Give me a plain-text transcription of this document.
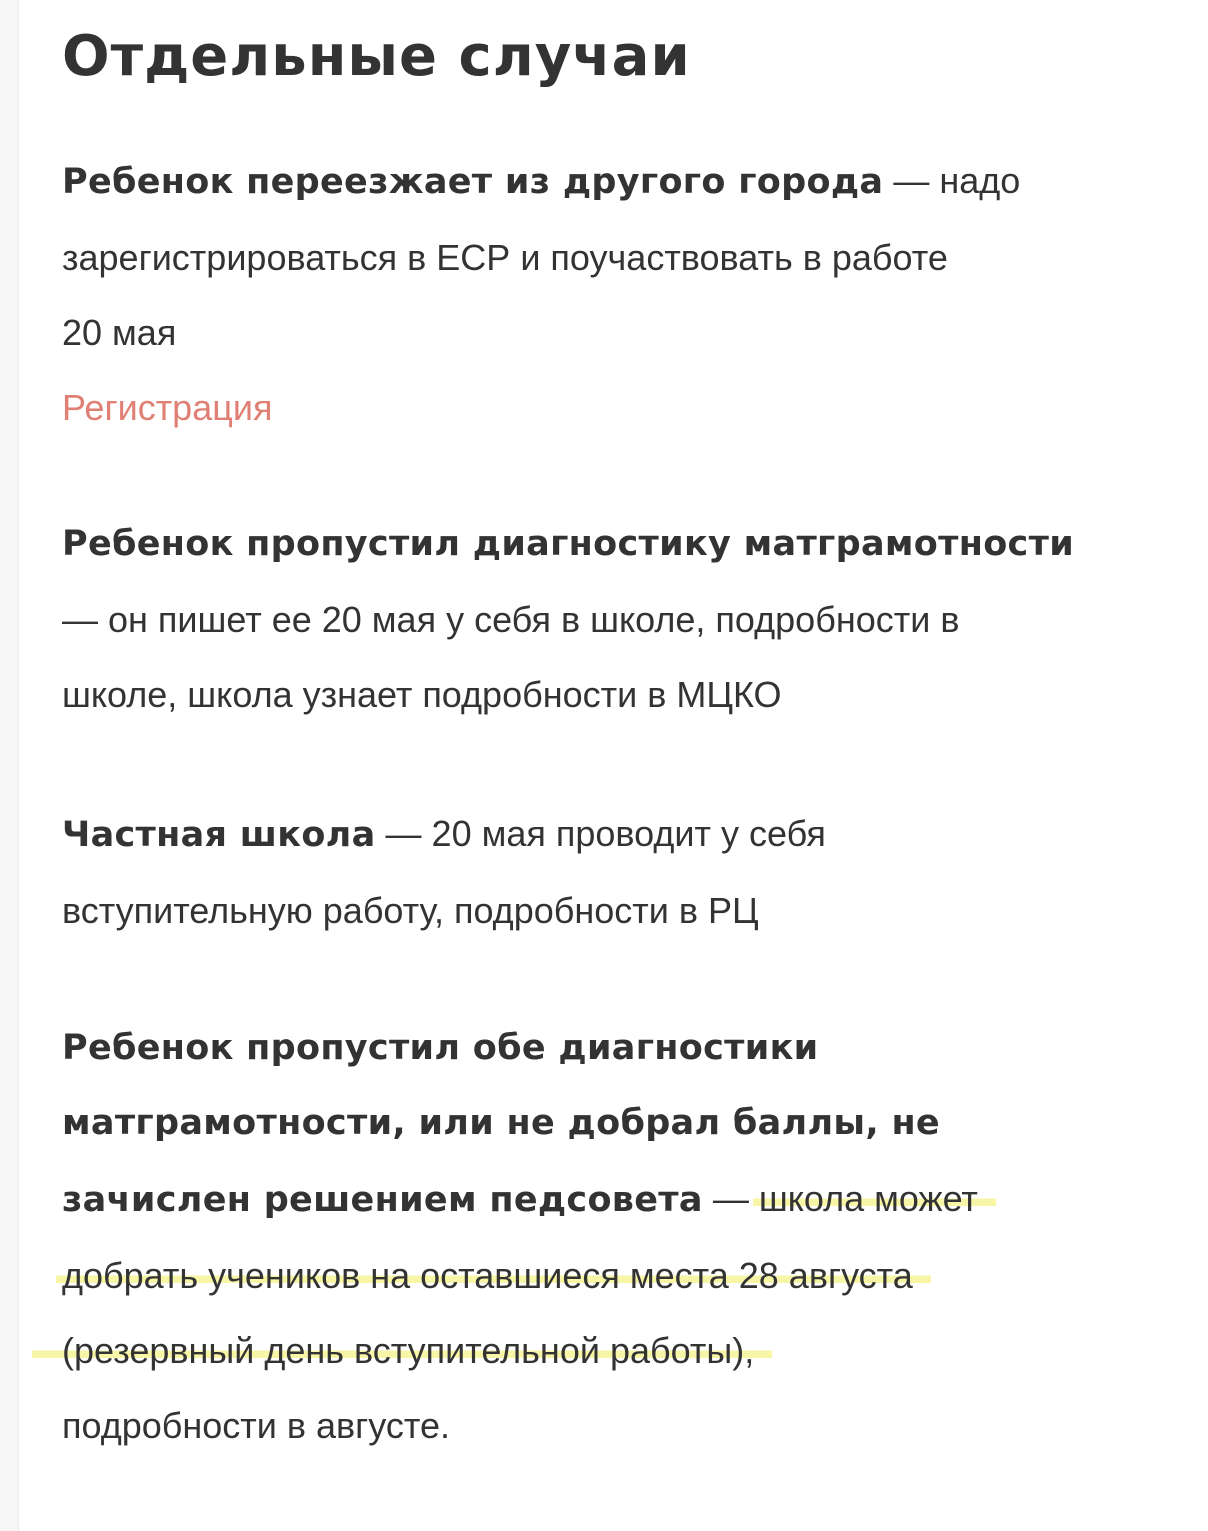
Отдельные случаи
Ребенок переезжает из другого города — надо
зарегистрироваться в ЕСР и поучаствовать в работе
20 мая
Регистрация
Ребенок пропустил диагностику матграмотности
— он пишет ее 20 мая у себя в школе, подробности в
школе, школа узнает подробности в МЦКО
Частная школа — 20 мая проводит у себя
вступительную работу, подробности в РЦ
Ребенок пропустил обе диагностики
матграмотности, или не добрал баллы, не
зачислен решением педсовета — школа может
добрать учеников на оставшиеся места 28 августа
(резервный день вступительной работы),
подробности в августе.
